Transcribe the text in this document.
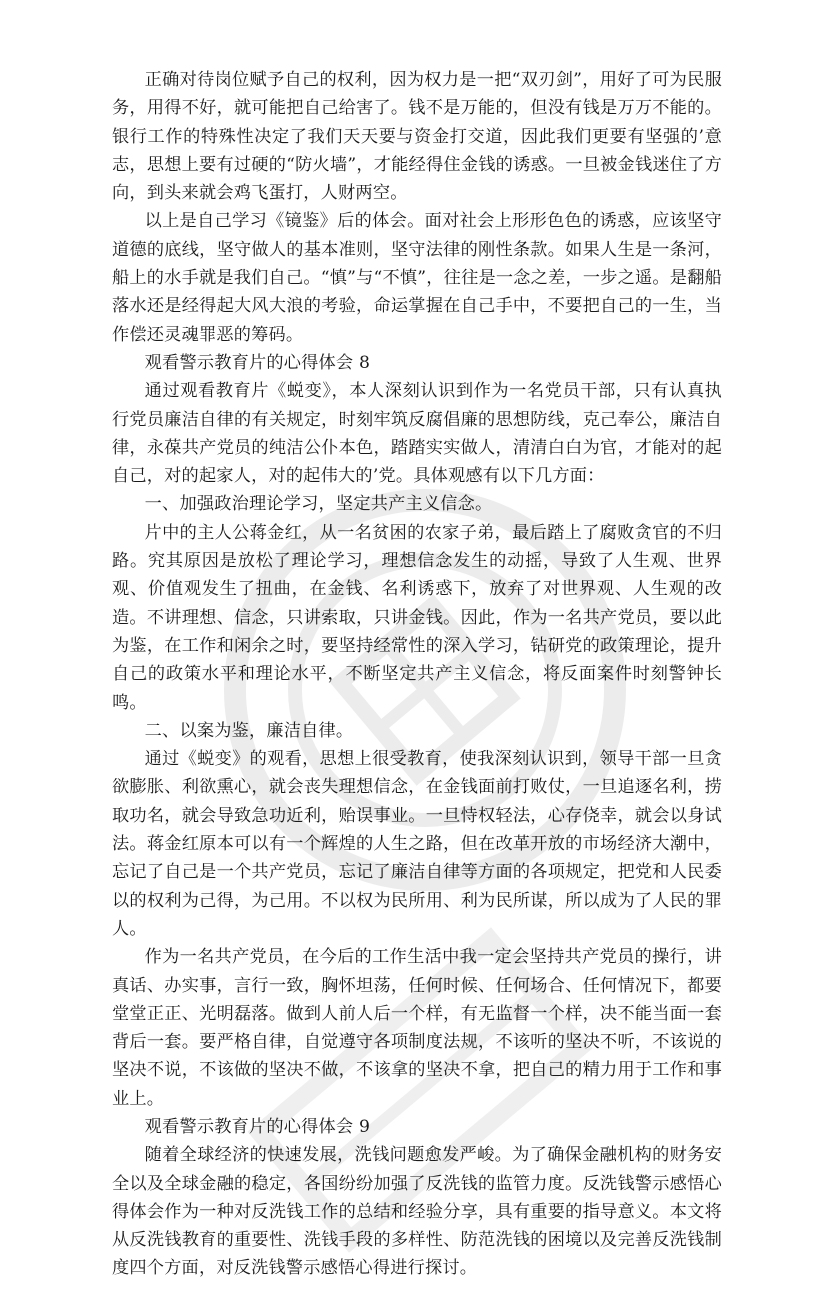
正确对待岗位赋予自己的权利，因为权力是一把“双刃剑”，用好了可为民服务，用得不好，就可能把自己给害了。钱不是万能的，但没有钱是万万不能的。银行工作的特殊性决定了我们天天要与资金打交道，因此我们更要有坚强的’意志，思想上要有过硬的“防火墙”，才能经得住金钱的诱惑。一旦被金钱迷住了方向，到头来就会鸡飞蛋打，人财两空。

以上是自己学习《镜鉴》后的体会。面对社会上形形色色的诱惑，应该坚守道德的底线，坚守做人的基本准则，坚守法律的刚性条款。如果人生是一条河，船上的水手就是我们自己。“慎”与“不慎”，往往是一念之差，一步之遥。是翻船落水还是经得起大风大浪的考验，命运掌握在自己手中，不要把自己的一生，当作偿还灵魂罪恶的筹码。

观看警示教育片的心得体会 8

通过观看教育片《蜕变》，本人深刻认识到作为一名党员干部，只有认真执行党员廉洁自律的有关规定，时刻牢筑反腐倡廉的思想防线，克己奉公，廉洁自律，永葆共产党员的纯洁公仆本色，踏踏实实做人，清清白白为官，才能对的起自己，对的起家人，对的起伟大的’党。具体观感有以下几方面：

一、加强政治理论学习，坚定共产主义信念。

片中的主人公蒋金红，从一名贫困的农家子弟，最后踏上了腐败贪官的不归路。究其原因是放松了理论学习，理想信念发生的动摇，导致了人生观、世界观、价值观发生了扭曲，在金钱、名利诱惑下，放弃了对世界观、人生观的改造。不讲理想、信念，只讲索取，只讲金钱。因此，作为一名共产党员，要以此为鉴，在工作和闲余之时，要坚持经常性的深入学习，钻研党的政策理论，提升自己的政策水平和理论水平，不断坚定共产主义信念，将反面案件时刻警钟长鸣。

二、以案为鉴，廉洁自律。

通过《蜕变》的观看，思想上很受教育，使我深刻认识到，领导干部一旦贪欲膨胀、利欲熏心，就会丧失理想信念，在金钱面前打败仗，一旦追逐名利，捞取功名，就会导致急功近利，贻误事业。一旦恃权轻法，心存侥幸，就会以身试法。蒋金红原本可以有一个辉煌的人生之路，但在改革开放的市场经济大潮中，忘记了自己是一个共产党员，忘记了廉洁自律等方面的各项规定，把党和人民委以的权利为己得，为己用。不以权为民所用、利为民所谋，所以成为了人民的罪人。

作为一名共产党员，在今后的工作生活中我一定会坚持共产党员的操行，讲真话、办实事，言行一致，胸怀坦荡，任何时候、任何场合、任何情况下，都要堂堂正正、光明磊落。做到人前人后一个样，有无监督一个样，决不能当面一套背后一套。要严格自律，自觉遵守各项制度法规，不该听的坚决不听，不该说的坚决不说，不该做的坚决不做，不该拿的坚决不拿，把自己的精力用于工作和事业上。

观看警示教育片的心得体会 9

随着全球经济的快速发展，洗钱问题愈发严峻。为了确保金融机构的财务安全以及全球金融的稳定，各国纷纷加强了反洗钱的监管力度。反洗钱警示感悟心得体会作为一种对反洗钱工作的总结和经验分享，具有重要的指导意义。本文将从反洗钱教育的重要性、洗钱手段的多样性、防范洗钱的困境以及完善反洗钱制度四个方面，对反洗钱警示感悟心得进行探讨。
